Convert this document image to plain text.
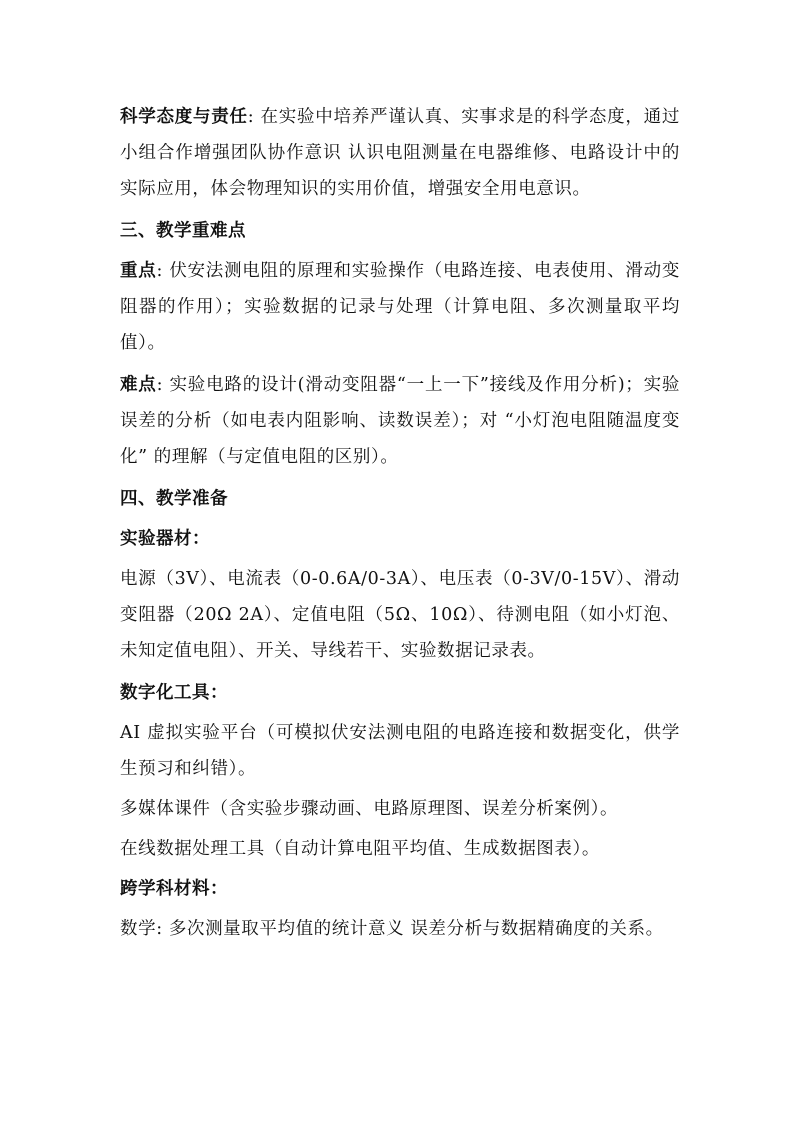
科学态度与责任: 在实验中培养严谨认真、实事求是的科学态度，通过小组合作增强团队协作意识 认识电阻测量在电器维修、电路设计中的实际应用，体会物理知识的实用价值，增强安全用电意识。

三、教学重难点

重点: 伏安法测电阻的原理和实验操作（电路连接、电表使用、滑动变阻器的作用）；实验数据的记录与处理（计算电阻、多次测量取平均值）。

难点: 实验电路的设计(滑动变阻器“一上一下”接线及作用分析)；实验误差的分析（如电表内阻影响、读数误差）；对 “小灯泡电阻随温度变化” 的理解（与定值电阻的区别）。

四、教学准备

实验器材：

电源（3V）、电流表（0-0.6A/0-3A）、电压表（0-3V/0-15V）、滑动变阻器（20Ω 2A）、定值电阻（5Ω、10Ω）、待测电阻（如小灯泡、未知定值电阻）、开关、导线若干、实验数据记录表。

数字化工具：

AI 虚拟实验平台（可模拟伏安法测电阻的电路连接和数据变化，供学生预习和纠错）。

多媒体课件（含实验步骤动画、电路原理图、误差分析案例）。

在线数据处理工具（自动计算电阻平均值、生成数据图表）。

跨学科材料：

数学: 多次测量取平均值的统计意义 误差分析与数据精确度的关系。
